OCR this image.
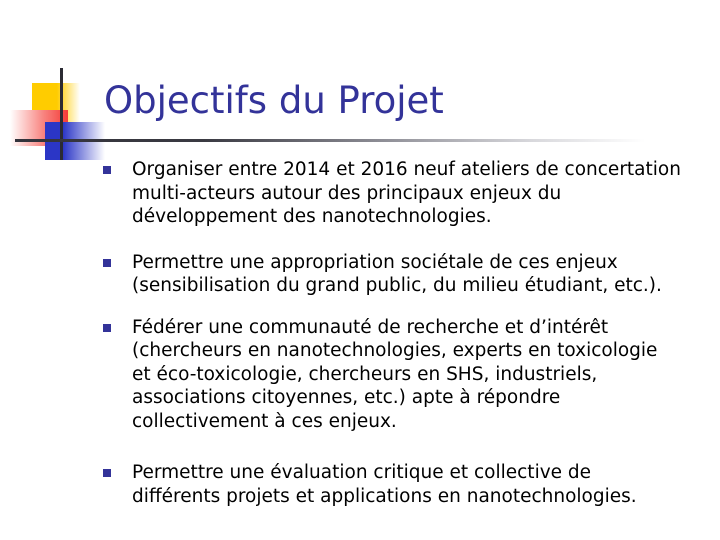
Objectifs du Projet
Organiser entre 2014 et 2016 neuf ateliers de concertation
multi-acteurs autour des principaux enjeux du
développement des nanotechnologies.
Permettre une appropriation sociétale de ces enjeux
(sensibilisation du grand public, du milieu étudiant, etc.).
Fédérer une communauté de recherche et d’intérêt
(chercheurs en nanotechnologies, experts en toxicologie
et éco-toxicologie, chercheurs en SHS, industriels,
associations citoyennes, etc.) apte à répondre
collectivement à ces enjeux.
Permettre une évaluation critique et collective de
différents projets et applications en nanotechnologies.
